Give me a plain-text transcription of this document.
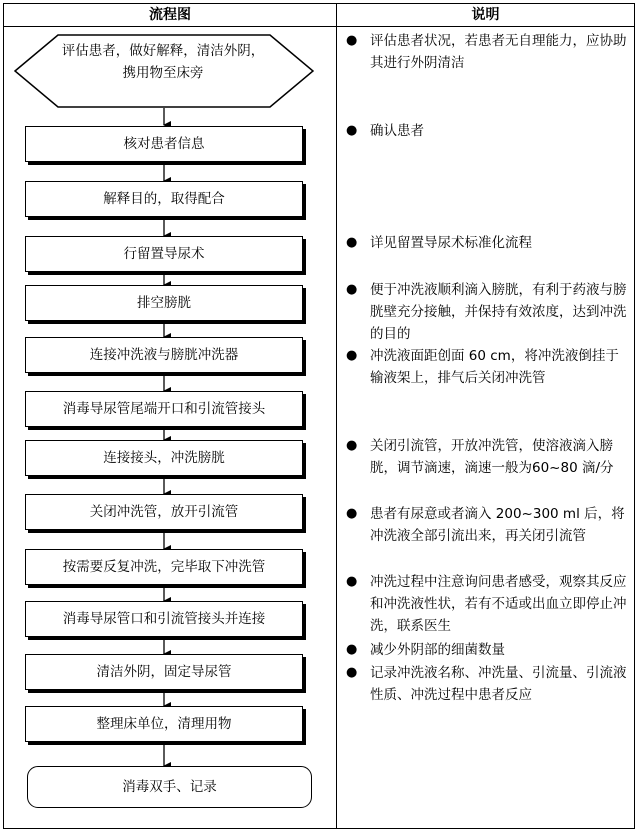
流程图	说明
评估患者，做好解释，清洁外阴，携用物至床旁
核对患者信息
解释目的，取得配合
行留置导尿术
排空膀胱
连接冲洗液与膀胱冲洗器
消毒导尿管尾端开口和引流管接头
连接接头，冲洗膀胱
关闭冲洗管，放开引流管
按需要反复冲洗，完毕取下冲洗管
消毒导尿管口和引流管接头并连接
清洁外阴，固定导尿管
整理床单位，清理用物
消毒双手、记录
● 评估患者状况，若患者无自理能力，应协助其进行外阴清洁
● 确认患者
● 详见留置导尿术标准化流程
● 便于冲洗液顺利滴入膀胱，有利于药液与膀胱壁充分接触，并保持有效浓度，达到冲洗的目的
● 冲洗液面距创面 60 cm，将冲洗液倒挂于输液架上，排气后关闭冲洗管
● 关闭引流管，开放冲洗管，使溶液滴入膀胱，调节滴速，滴速一般为60~80 滴/分
● 患者有尿意或者滴入 200~300 ml 后，将冲洗液全部引流出来，再关闭引流管
● 冲洗过程中注意询问患者感受，观察其反应和冲洗液性状，若有不适或出血立即停止冲洗，联系医生
● 减少外阴部的细菌数量
● 记录冲洗液名称、冲洗量、引流量、引流液性质、冲洗过程中患者反应
